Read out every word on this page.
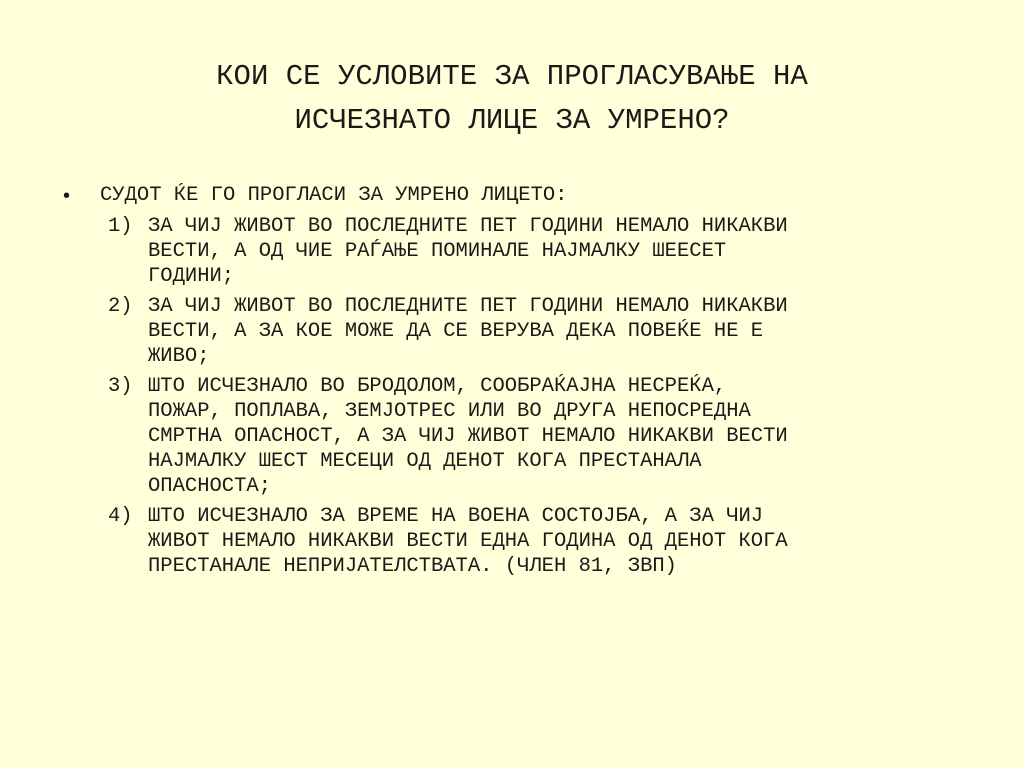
КОИ СЕ УСЛОВИТЕ ЗА ПРОГЛАСУВАЊЕ НА
ИСЧЕЗНАТО ЛИЦЕ ЗА УМРЕНО?
• СУДОТ ЌЕ ГО ПРОГЛАСИ ЗА УМРЕНО ЛИЦЕТО:
1) ЗА ЧИЈ ЖИВОТ ВО ПОСЛЕДНИТЕ ПЕТ ГОДИНИ НЕМАЛО НИКАКВИ
ВЕСТИ, А ОД ЧИЕ РАЃАЊЕ ПОМИНАЛЕ НАЈМАЛКУ ШЕЕСЕТ
ГОДИНИ;
2) ЗА ЧИЈ ЖИВОТ ВО ПОСЛЕДНИТЕ ПЕТ ГОДИНИ НЕМАЛО НИКАКВИ
ВЕСТИ, А ЗА КОЕ МОЖЕ ДА СЕ ВЕРУВА ДЕКА ПОВЕЌЕ НЕ Е
ЖИВО;
3) ШТО ИСЧЕЗНАЛО ВО БРОДОЛОМ, СООБРАЌАЈНА НЕСРЕЌА,
ПОЖАР, ПОПЛАВА, ЗЕМЈОТРЕС ИЛИ ВО ДРУГА НЕПОСРЕДНА
СМРТНА ОПАСНОСТ, А ЗА ЧИЈ ЖИВОТ НЕМАЛО НИКАКВИ ВЕСТИ
НАЈМАЛКУ ШЕСТ МЕСЕЦИ ОД ДЕНОТ КОГА ПРЕСТАНАЛА
ОПАСНОСТА;
4) ШТО ИСЧЕЗНАЛО ЗА ВРЕМЕ НА ВОЕНА СОСТОЈБА, А ЗА ЧИЈ
ЖИВОТ НЕМАЛО НИКАКВИ ВЕСТИ ЕДНА ГОДИНА ОД ДЕНОТ КОГА
ПРЕСТАНАЛЕ НЕПРИЈАТЕЛСТВАТА. (ЧЛЕН 81, ЗВП)
